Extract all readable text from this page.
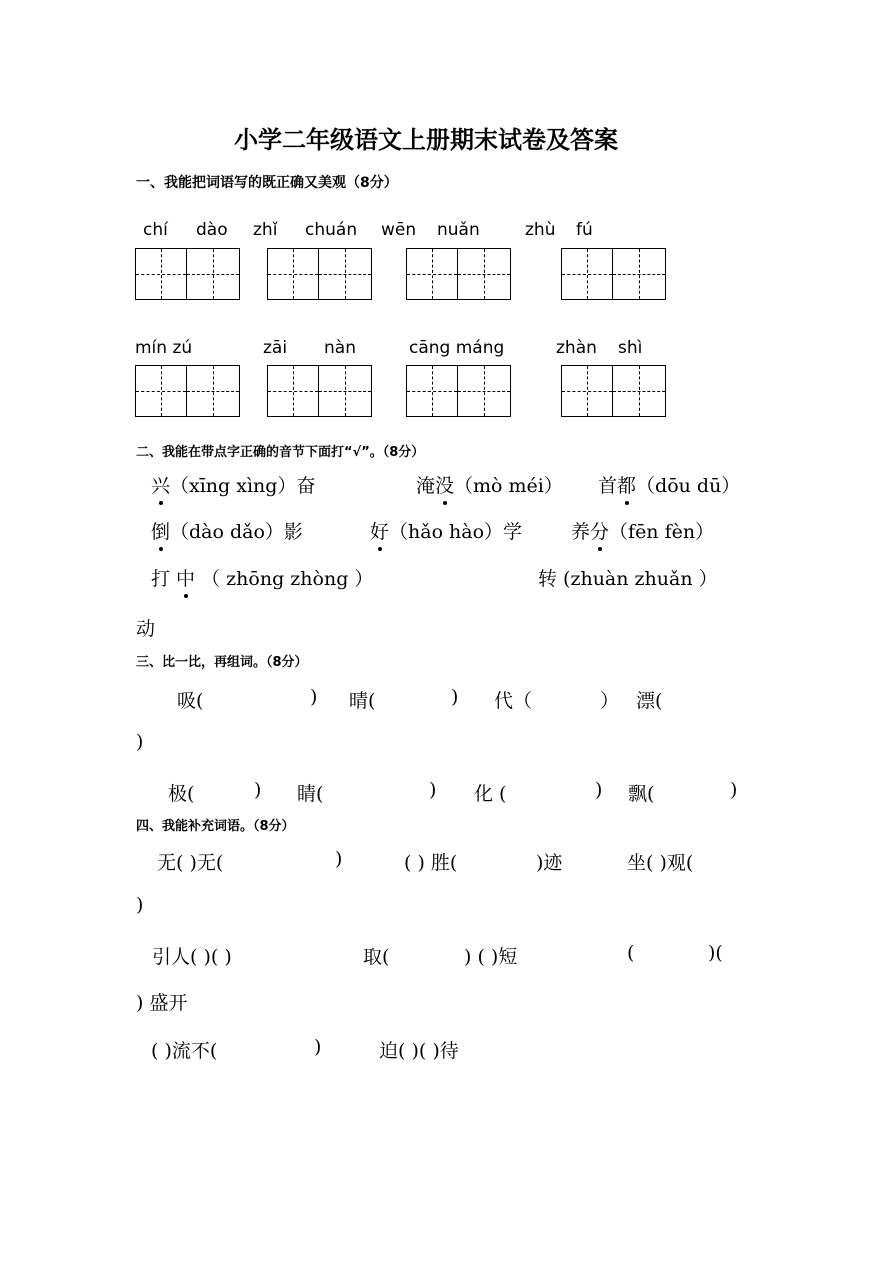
小学二年级语文上册期末试卷及答案
一、我能把词语写的既正确又美观（8分）
chí dào zhǐ chuán wēn nuǎn	zhù fú
mín zú	zāi nàn	cāng máng	zhàn shì
二、我能在带点字正确的音节下面打“√”。（8分）
兴（xīng xìng）奋	淹没（mò méi） 首都（dōu dū）
倒（dào dǎo）影	好（hǎo hào）学	养分（fēn fèn）
打 中 （ zhōng zhòng ）	转 (zhuàn zhuǎn ）
动
三、比一比，再组词。（8分）
吸(	) 晴(	) 代（	） 漂(
)
极(	) 睛(	) 化 (	) 飘(	)
四、我能补充词语。（8分）
无( )无(	)	( ) 胜(	)迹	坐( )观(
)
引人( )( )	取(	) ( )短	(	)(
) 盛开
( )流不(	)	迫( )( )待
